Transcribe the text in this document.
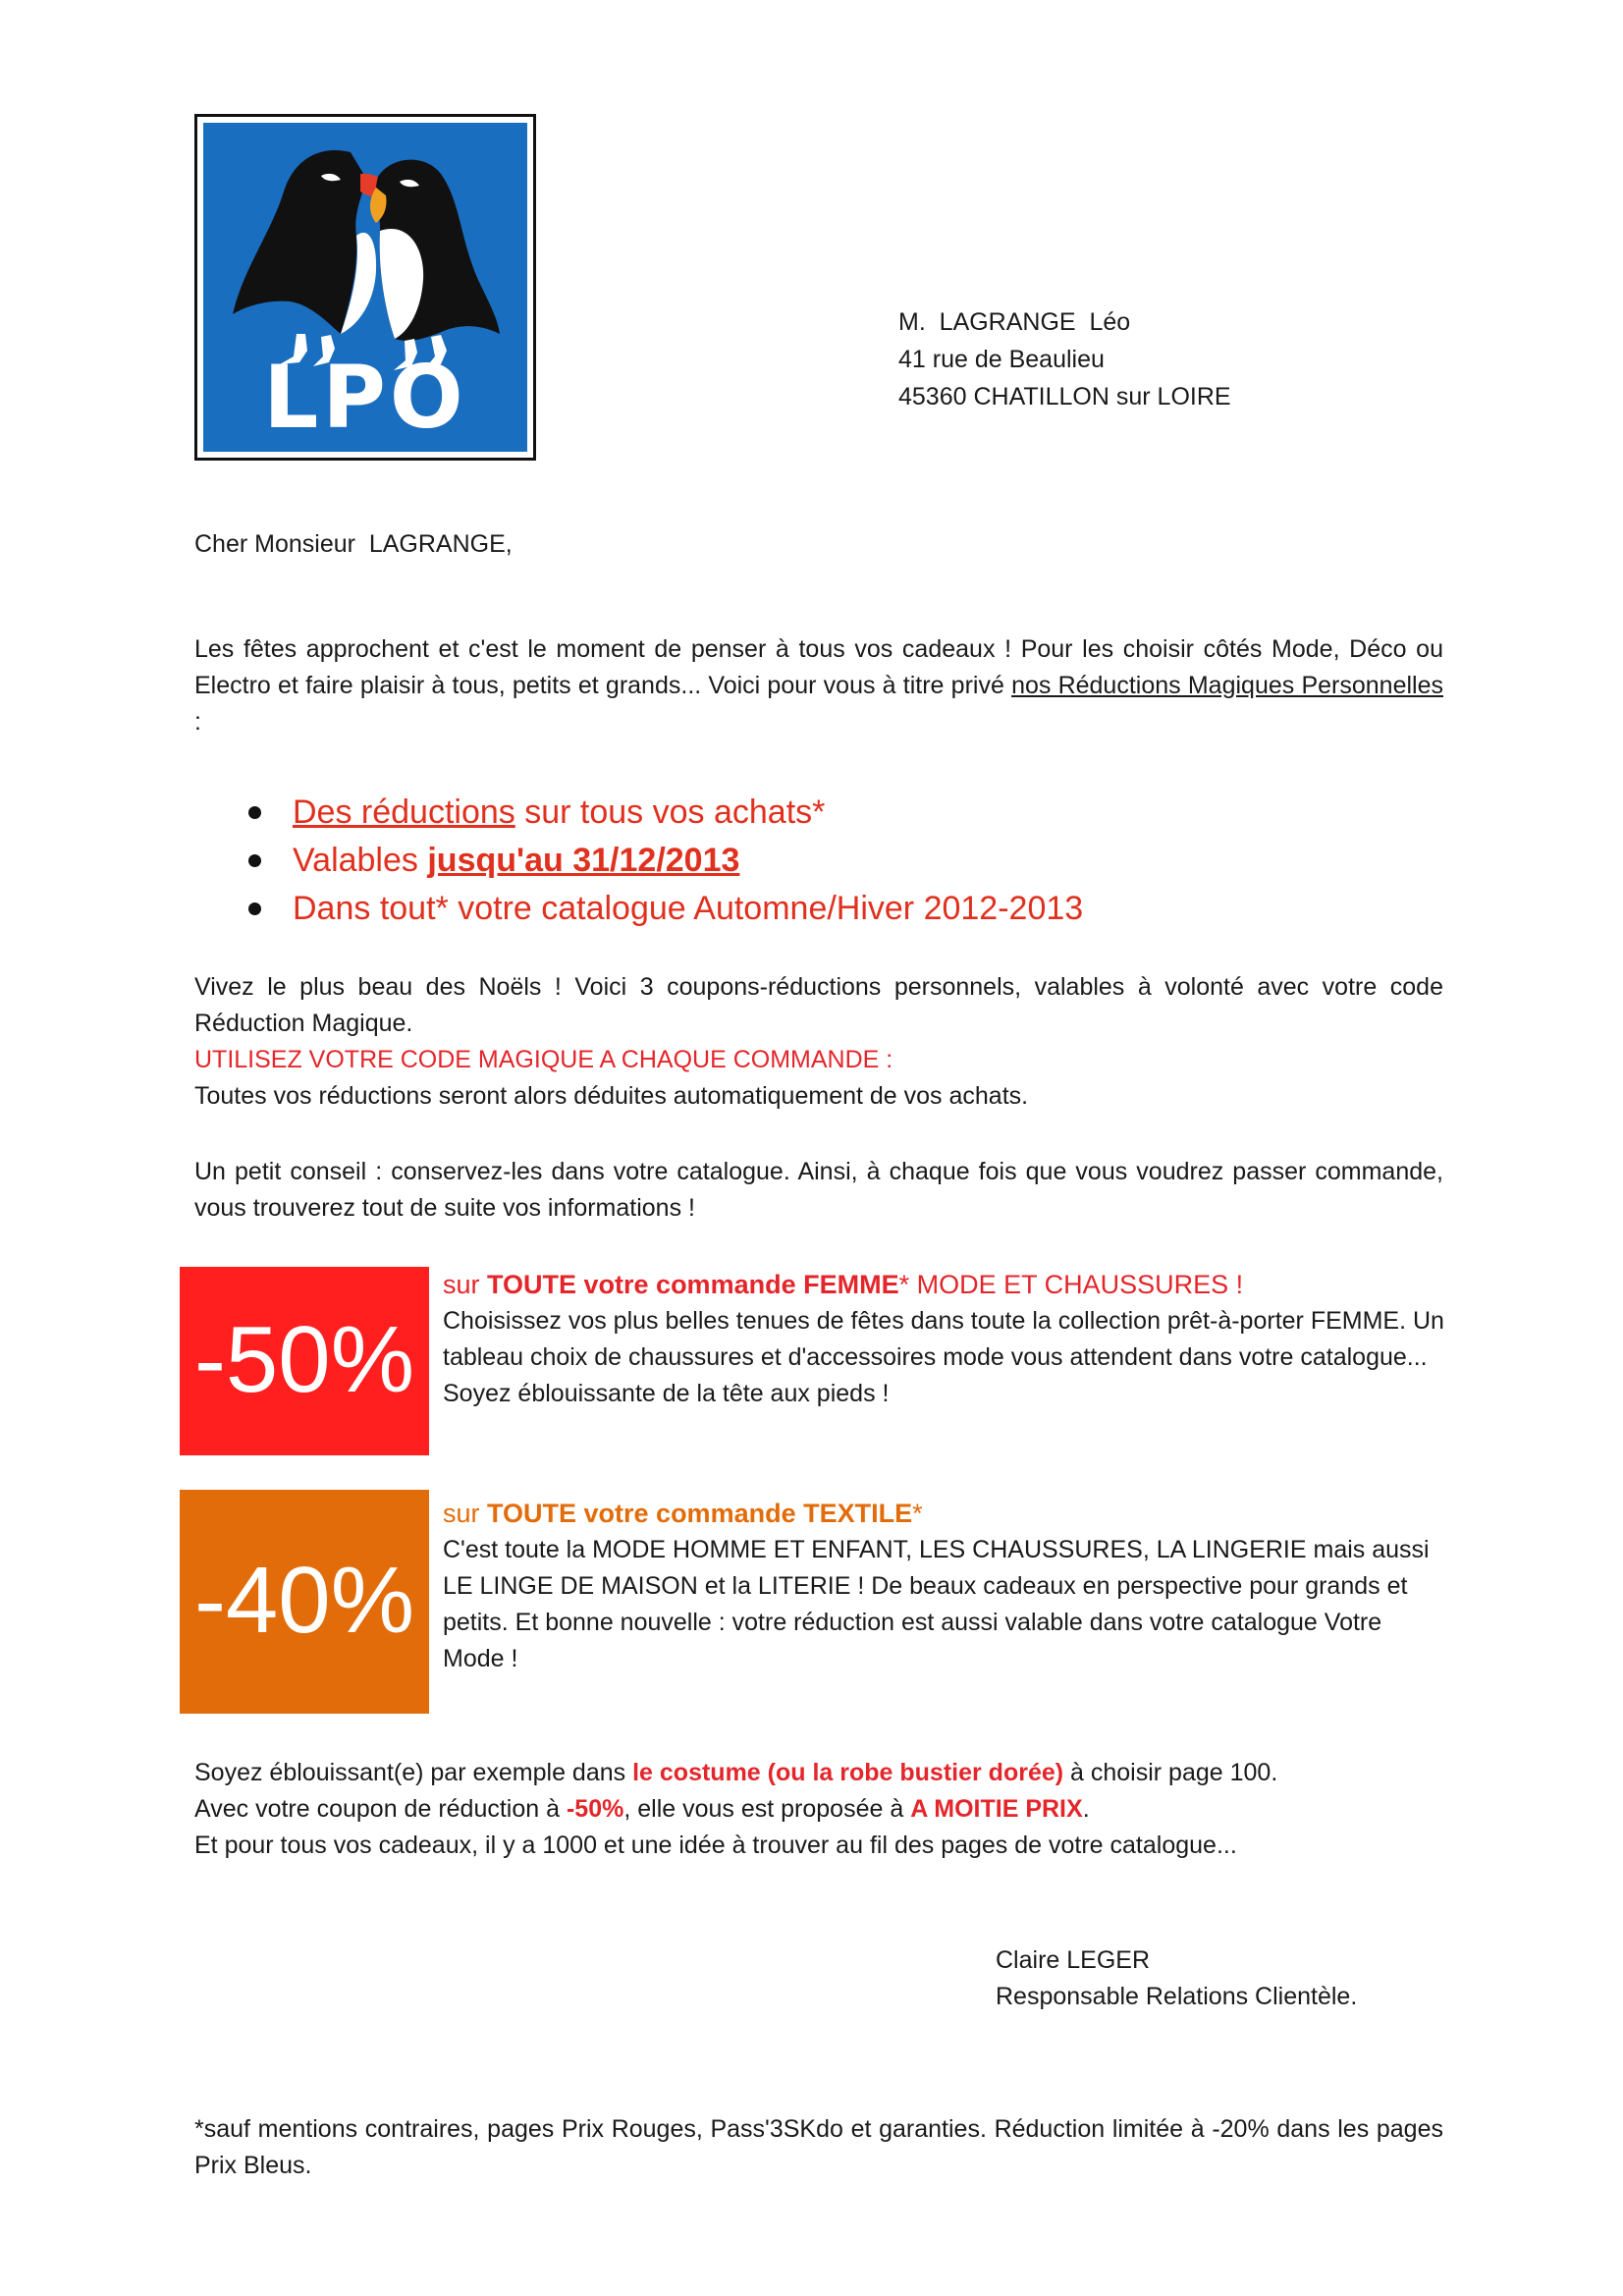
LPO
M.  LAGRANGE  Léo
41 rue de Beaulieu
45360 CHATILLON sur LOIRE
Cher Monsieur  LAGRANGE,
Les fêtes approchent et c'est le moment de penser à tous vos cadeaux ! Pour les choisir côtés Mode, Déco ou Electro et faire plaisir à tous, petits et grands... Voici pour vous à titre privé nos Réductions Magiques Personnelles :
Des réductions sur tous vos achats*
Valables jusqu'au 31/12/2013
Dans tout* votre catalogue Automne/Hiver 2012-2013
Vivez le plus beau des Noëls ! Voici 3 coupons-réductions personnels, valables à volonté avec votre code Réduction Magique.
UTILISEZ VOTRE CODE MAGIQUE A CHAQUE COMMANDE :
Toutes vos réductions seront alors déduites automatiquement de vos achats.
Un petit conseil : conservez-les dans votre catalogue. Ainsi, à chaque fois que vous voudrez passer commande, vous trouverez tout de suite vos informations !
-50%
sur TOUTE votre commande FEMME* MODE ET CHAUSSURES !
Choisissez vos plus belles tenues de fêtes dans toute la collection prêt-à-porter FEMME. Un tableau choix de chaussures et d'accessoires mode vous attendent dans votre catalogue... Soyez éblouissante de la tête aux pieds !
-40%
sur TOUTE votre commande TEXTILE*
C'est toute la MODE HOMME ET ENFANT, LES CHAUSSURES, LA LINGERIE mais aussi LE LINGE DE MAISON et la LITERIE ! De beaux cadeaux en perspective pour grands et petits. Et bonne nouvelle : votre réduction est aussi valable dans votre catalogue Votre Mode !
Soyez éblouissant(e) par exemple dans le costume (ou la robe bustier dorée) à choisir page 100.
Avec votre coupon de réduction à -50%, elle vous est proposée à A MOITIE PRIX.
Et pour tous vos cadeaux, il y a 1000 et une idée à trouver au fil des pages de votre catalogue...
Claire LEGER
Responsable Relations Clientèle.
*sauf mentions contraires, pages Prix Rouges, Pass'3SKdo et garanties. Réduction limitée à -20% dans les pages Prix Bleus.
